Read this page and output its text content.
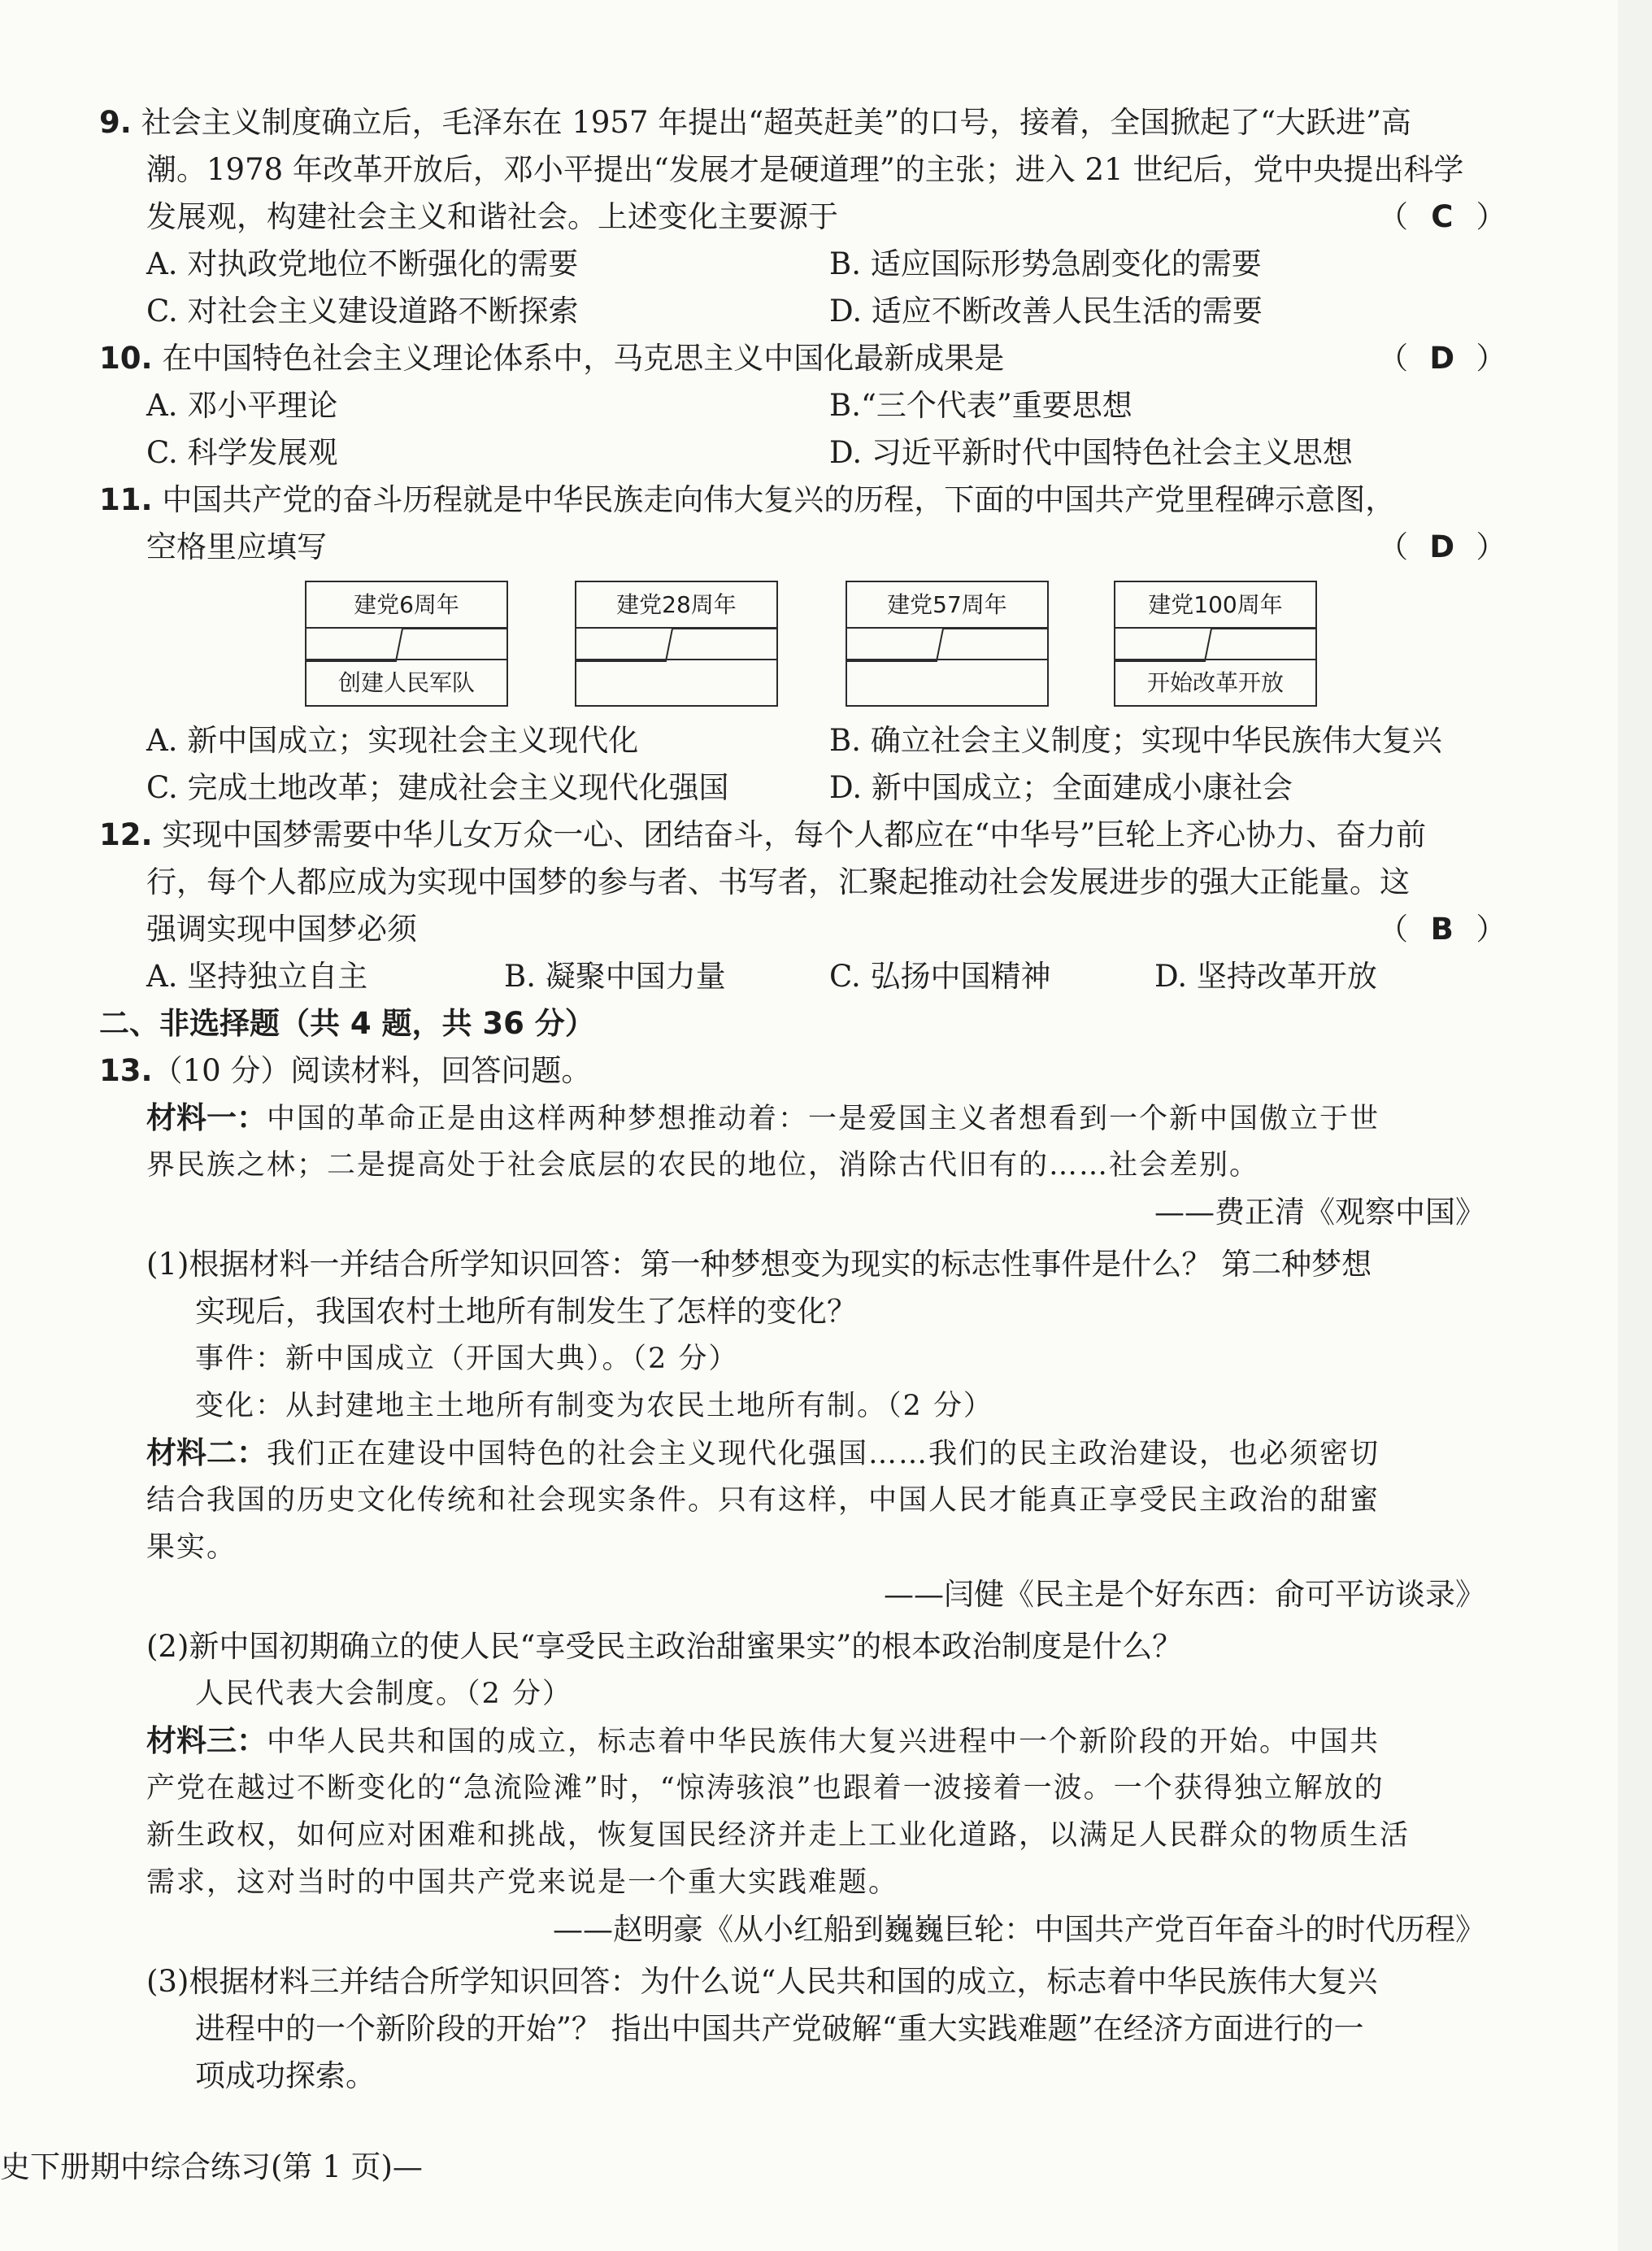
9. 社会主义制度确立后，毛泽东在 1957 年提出“超英赶美”的口号，接着，全国掀起了“大跃进”高
潮。1978 年改革开放后，邓小平提出“发展才是硬道理”的主张；进入 21 世纪后，党中央提出科学
发展观，构建社会主义和谐社会。上述变化主要源于	（ C ）
A. 对执政党地位不断强化的需要	B. 适应国际形势急剧变化的需要
C. 对社会主义建设道路不断探索	D. 适应不断改善人民生活的需要
10. 在中国特色社会主义理论体系中，马克思主义中国化最新成果是	（ D ）
A. 邓小平理论	B.“三个代表”重要思想
C. 科学发展观	D. 习近平新时代中国特色社会主义思想
11. 中国共产党的奋斗历程就是中华民族走向伟大复兴的历程，下面的中国共产党里程碑示意图，
空格里应填写	（ D ）
建党6周年
创建人民军队
建党28周年	建党57周年	建党100周年
开始改革开放
A. 新中国成立；实现社会主义现代化	B. 确立社会主义制度；实现中华民族伟大复兴
C. 完成土地改革；建成社会主义现代化强国	D. 新中国成立；全面建成小康社会
12. 实现中国梦需要中华儿女万众一心、团结奋斗，每个人都应在“中华号”巨轮上齐心协力、奋力前
行，每个人都应成为实现中国梦的参与者、书写者，汇聚起推动社会发展进步的强大正能量。这
强调实现中国梦必须	（ B ）
A. 坚持独立自主	B. 凝聚中国力量	C. 弘扬中国精神	D. 坚持改革开放
二、非选择题（共 4 题，共 36 分）
13.（10 分）阅读材料，回答问题。
材料一：中国的革命正是由这样两种梦想推动着：一是爱国主义者想看到一个新中国傲立于世
界民族之林；二是提高处于社会底层的农民的地位，消除古代旧有的……社会差别。
——费正清《观察中国》
(1)根据材料一并结合所学知识回答：第一种梦想变为现实的标志性事件是什么？ 第二种梦想
实现后，我国农村土地所有制发生了怎样的变化？
事件：新中国成立（开国大典）。（2 分）
变化：从封建地主土地所有制变为农民土地所有制。（2 分）
材料二：我们正在建设中国特色的社会主义现代化强国……我们的民主政治建设，也必须密切
结合我国的历史文化传统和社会现实条件。只有这样，中国人民才能真正享受民主政治的甜蜜
果实。
——闫健《民主是个好东西：俞可平访谈录》
(2)新中国初期确立的使人民“享受民主政治甜蜜果实”的根本政治制度是什么？
人民代表大会制度。（2 分）
材料三：中华人民共和国的成立，标志着中华民族伟大复兴进程中一个新阶段的开始。中国共
产党在越过不断变化的“急流险滩”时，“惊涛骇浪”也跟着一波接着一波。一个获得独立解放的
新生政权，如何应对困难和挑战，恢复国民经济并走上工业化道路，以满足人民群众的物质生活
需求，这对当时的中国共产党来说是一个重大实践难题。
——赵明豪《从小红船到巍巍巨轮：中国共产党百年奋斗的时代历程》
(3)根据材料三并结合所学知识回答：为什么说“人民共和国的成立，标志着中华民族伟大复兴
进程中的一个新阶段的开始”？ 指出中国共产党破解“重大实践难题”在经济方面进行的一
项成功探索。
史下册期中综合练习(第 1 页)—
